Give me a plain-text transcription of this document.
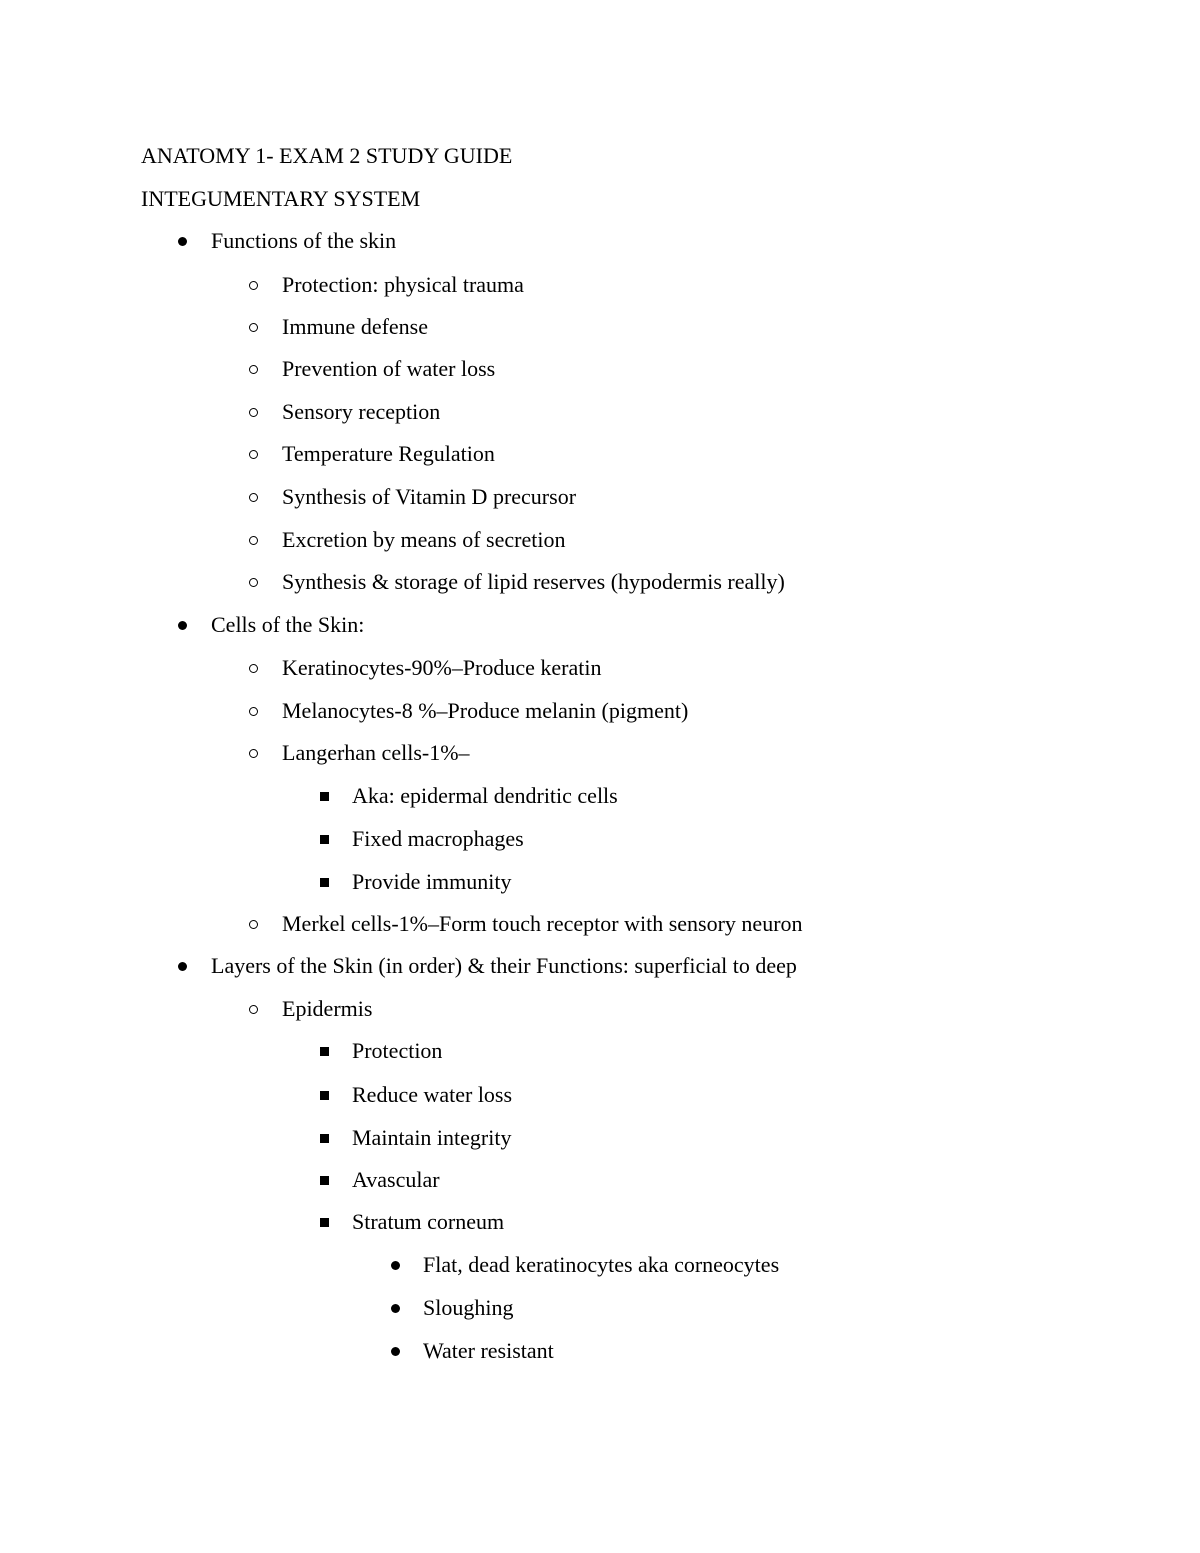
ANATOMY 1- EXAM 2 STUDY GUIDE
INTEGUMENTARY SYSTEM
Functions of the skin
Protection: physical trauma
Immune defense
Prevention of water loss
Sensory reception
Temperature Regulation
Synthesis of Vitamin D precursor
Excretion by means of secretion
Synthesis & storage of lipid reserves (hypodermis really)
Cells of the Skin:
Keratinocytes-90%–Produce keratin
Melanocytes-8 %–Produce melanin (pigment)
Langerhan cells-1%–
Aka: epidermal dendritic cells
Fixed macrophages
Provide immunity
Merkel cells-1%–Form touch receptor with sensory neuron
Layers of the Skin (in order) & their Functions: superficial to deep
Epidermis
Protection
Reduce water loss
Maintain integrity
Avascular
Stratum corneum
Flat, dead keratinocytes aka corneocytes
Sloughing
Water resistant
